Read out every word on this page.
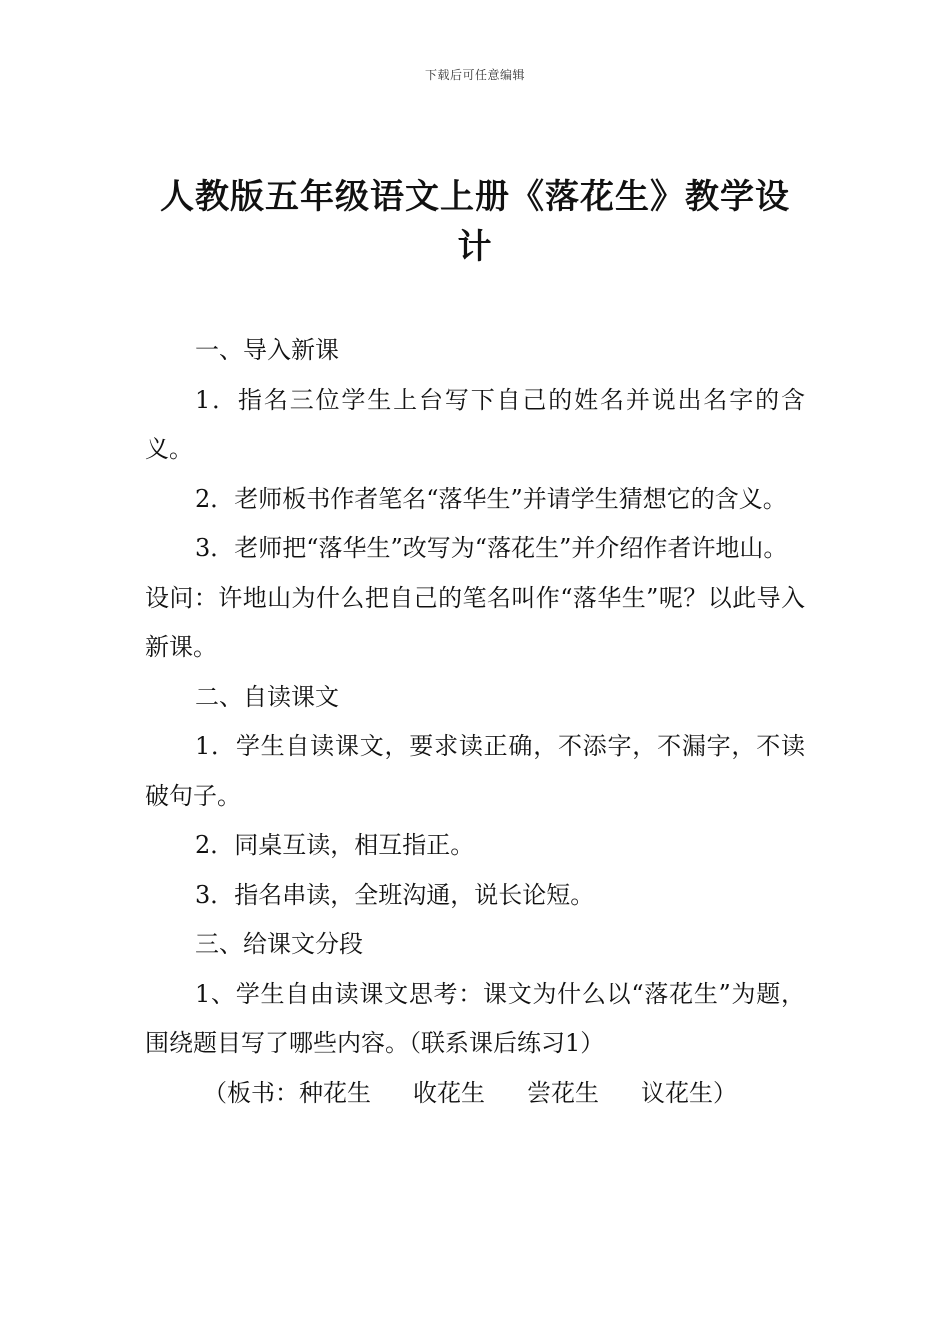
下载后可任意编辑
人教版五年级语文上册《落花生》教学设计

一、导入新课

1．指名三位学生上台写下自己的姓名并说出名字的含义。

2．老师板书作者笔名“落华生”并请学生猜想它的含义。

3．老师把“落华生”改写为“落花生”并介绍作者许地山。

设问：许地山为什么把自己的笔名叫作“落华生”呢？以此导入新课。

二、自读课文

1．学生自读课文，要求读正确，不添字，不漏字，不读破句子。

2．同桌互读，相互指正。

3．指名串读，全班沟通，说长论短。

三、给课文分段

1、学生自由读课文思考：课文为什么以“落花生”为题，围绕题目写了哪些内容。（联系课后练习1）

（板书：种花生 收花生 尝花生 议花生）
